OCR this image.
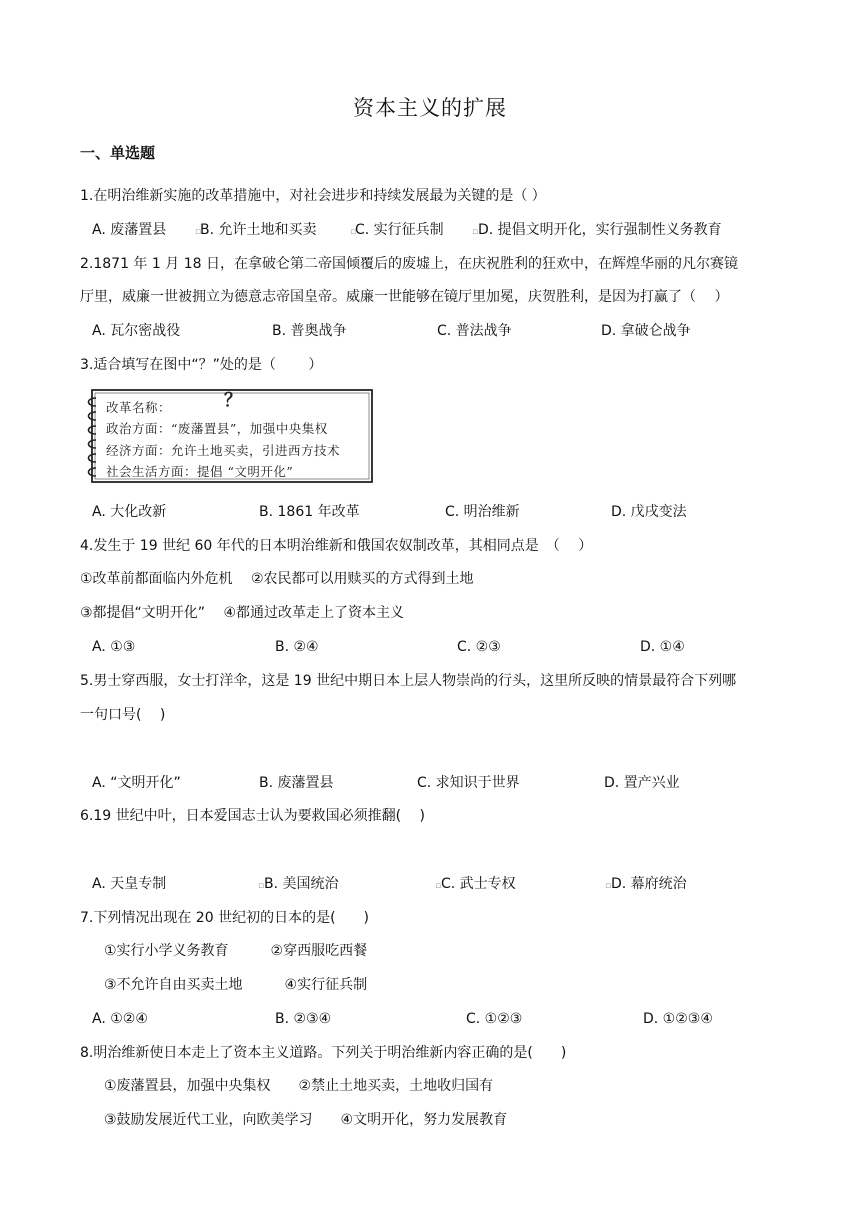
资本主义的扩展
一、单选题
1.在明治维新实施的改革措施中，对社会进步和持续发展最为关键的是（ ）
A. 废藩置县	▫
B. 允许土地和买卖	▫
C. 实行征兵制	▫ D. 提倡文明开化，实行强制性义务教育
2.1871 年 1 月 18 日，在拿破仑第二帝国倾覆后的废墟上，在庆祝胜利的狂欢中，在辉煌华丽的凡尔赛镜
厅里，威廉一世被拥立为德意志帝国皇帝。威廉一世能够在镜厅里加冕，庆贺胜利，是因为打赢了（　 ）
A. 瓦尔密战役	B. 普奥战争	C. 普法战争	D. 拿破仑战争
3.适合填写在图中“？”处的是（　　 ）
改革名称：	？
政治方面：“废藩置县”，加强中央集权
经济方面：允许土地买卖，引进西方技术
社会生活方面：提倡 “文明开化”
A. 大化改新	B. 1861 年改革	C. 明治维新	D. 戊戌变法
4.发生于 19 世纪 60 年代的日本明治维新和俄国农奴制改革，其相同点是　（　 ）
①改革前都面临内外危机　 ②农民都可以用赎买的方式得到土地
③都提倡“文明开化”　 ④都通过改革走上了资本主义
A. ①③	B. ②④	C. ②③	D. ①④
5.男士穿西服，女士打洋伞，这是 19 世纪中期日本上层人物崇尚的行头，这里所反映的情景最符合下列哪
一句口号(　 )
A. “文明开化”	B. 废藩置县	C. 求知识于世界	D. 置产兴业
6.19 世纪中叶，日本爱国志士认为要救国必须推翻(　 )
A. 天皇专制	▫ B. 美国统治	▫ C. 武士专权	▫ D. 幕府统治
7.下列情况出现在 20 世纪初的日本的是(　　)
①实行小学义务教育　　　②穿西服吃西餐
③不允许自由买卖土地　　　④实行征兵制
A. ①②④	B. ②③④	C. ①②③	D. ①②③④
8.明治维新使日本走上了资本主义道路。下列关于明治维新内容正确的是(　　)
①废藩置县，加强中央集权　　②禁止土地买卖，土地收归国有
③鼓励发展近代工业，向欧美学习　　④文明开化，努力发展教育
